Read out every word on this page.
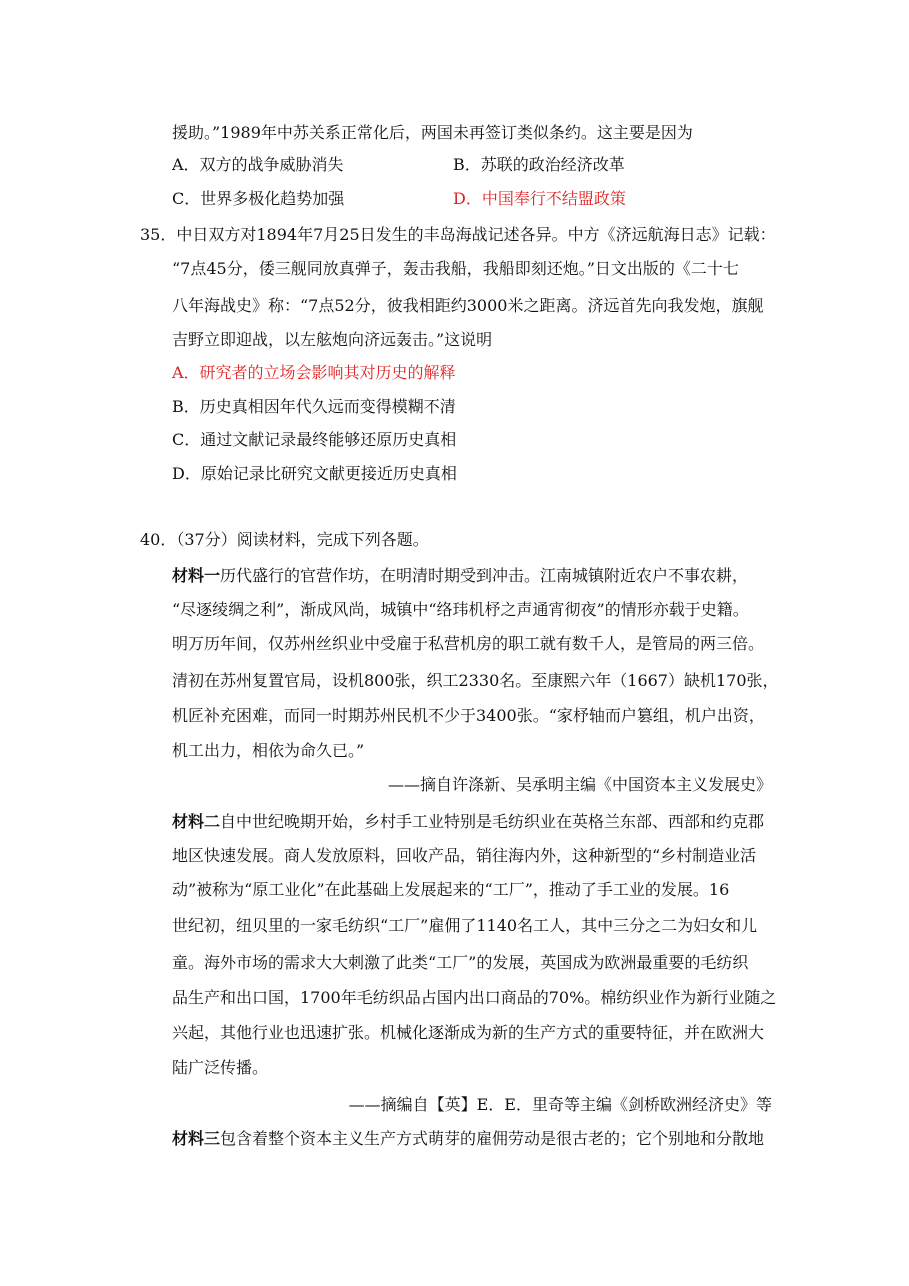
援助。”1989年中苏关系正常化后，两国未再签订类似条约。这主要是因为
A．双方的战争威胁消失	B．苏联的政治经济改革
C．世界多极化趋势加强	D．中国奉行不结盟政策
35．中日双方对1894年7月25日发生的丰岛海战记述各异。中方《济远航海日志》记载：
“7点45分，倭三舰同放真弹子，轰击我船，我船即刻还炮。”日文出版的《二十七
八年海战史》称：“7点52分，彼我相距约3000米之距离。济远首先向我发炮，旗舰
吉野立即迎战，以左舷炮向济远轰击。”这说明
A．研究者的立场会影响其对历史的解释
B．历史真相因年代久远而变得模糊不清
C．通过文献记录最终能够还原历史真相
D．原始记录比研究文献更接近历史真相
40．（37分）阅读材料，完成下列各题。
材料一历代盛行的官营作坊，在明清时期受到冲击。江南城镇附近农户不事农耕，
“尽逐绫绸之利”，渐成风尚，城镇中“络玮机杼之声通宵彻夜”的情形亦载于史籍。
明万历年间，仅苏州丝织业中受雇于私营机房的职工就有数千人，是管局的两三倍。
清初在苏州复置官局，设机800张，织工2330名。至康熙六年（1667）缺机170张，
机匠补充困难，而同一时期苏州民机不少于3400张。“家杼轴而户篡组，机户出资，
机工出力，相依为命久已。”
——摘自许涤新、吴承明主编《中国资本主义发展史》
材料二自中世纪晚期开始，乡村手工业特别是毛纺织业在英格兰东部、西部和约克郡
地区快速发展。商人发放原料，回收产品，销往海内外，这种新型的“乡村制造业活
动”被称为“原工业化”在此基础上发展起来的“工厂”，推动了手工业的发展。16
世纪初，纽贝里的一家毛纺织“工厂”雇佣了1140名工人，其中三分之二为妇女和儿
童。海外市场的需求大大刺激了此类“工厂”的发展，英国成为欧洲最重要的毛纺织
品生产和出口国，1700年毛纺织品占国内出口商品的70%。棉纺织业作为新行业随之
兴起，其他行业也迅速扩张。机械化逐渐成为新的生产方式的重要特征，并在欧洲大
陆广泛传播。
——摘编自【英】E．E．里奇等主编《剑桥欧洲经济史》等
材料三包含着整个资本主义生产方式萌芽的雇佣劳动是很古老的；它个别地和分散地
